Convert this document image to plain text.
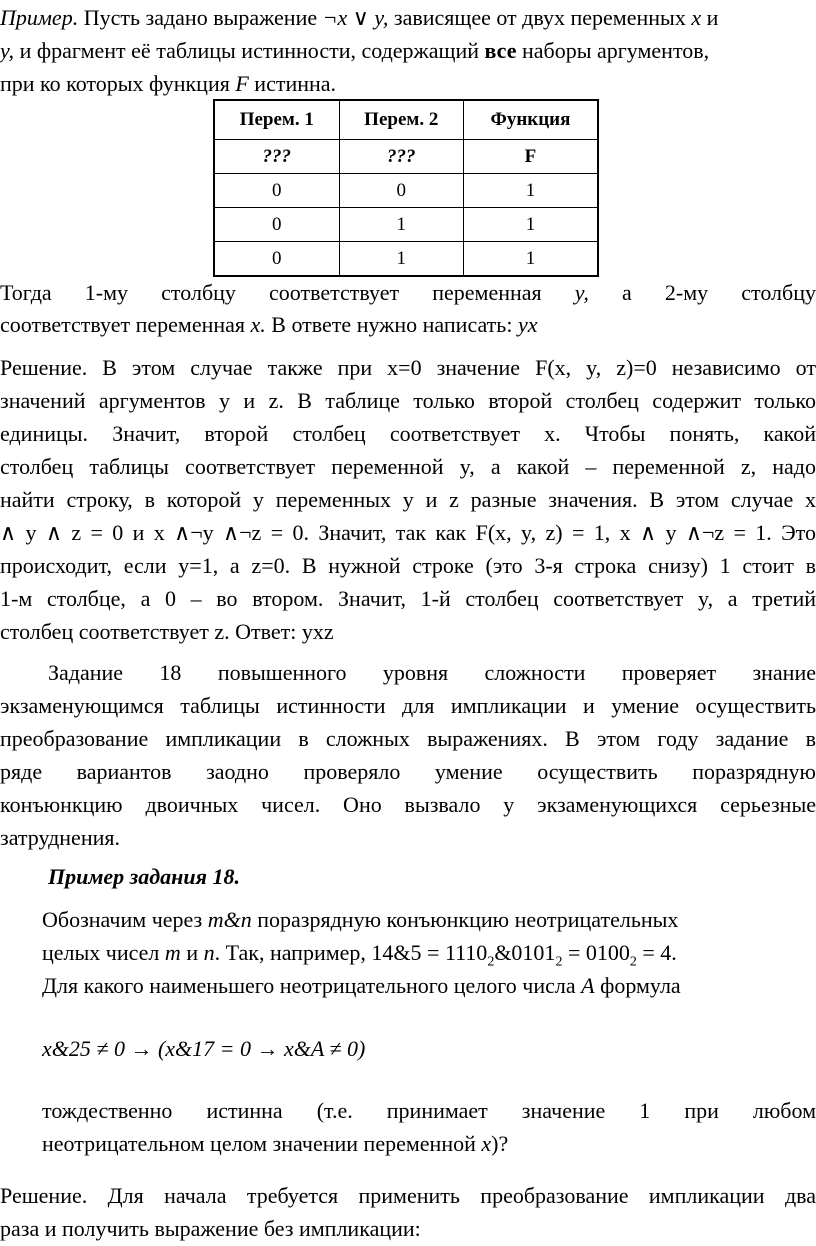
Пример. Пусть задано выражение ¬x ∨ y, зависящее от двух переменных x и
y, и фрагмент её таблицы истинности, содержащий все наборы аргументов,
при ко которых функция F истинна.
Перем. 1	Перем. 2	Функция
???	???	F
0	0	1
0	1	1
0	1	1
Тогда 1-му столбцу соответствует переменная y, а 2-му столбцу
соответствует переменная x. В ответе нужно написать: yx
Решение. В этом случае также при x=0 значение F(x, y, z)=0 независимо от
значений аргументов y и z. В таблице только второй столбец содержит только
единицы. Значит, второй столбец соответствует x. Чтобы понять, какой
столбец таблицы соответствует переменной y, а какой – переменной z, надо
найти строку, в которой у переменных y и z разные значения. В этом случае x
∧ y ∧ z = 0 и x ∧¬y ∧¬z = 0. Значит, так как F(x, y, z) = 1, x ∧ y ∧¬z = 1. Это
происходит, если y=1, а z=0. В нужной строке (это 3-я строка снизу) 1 стоит в
1-м столбце, а 0 – во втором. Значит, 1-й столбец соответствует y, а третий
столбец соответствует z. Ответ: yxz
Задание 18 повышенного уровня сложности проверяет знание
экзаменующимся таблицы истинности для импликации и умение осуществить
преобразование импликации в сложных выражениях. В этом году задание в
ряде вариантов заодно проверяло умение осуществить поразрядную
конъюнкцию двоичных чисел. Оно вызвало у экзаменующихся серьезные
затруднения.
Пример задания 18.
Обозначим через m&n поразрядную конъюнкцию неотрицательных
целых чисел m и n. Так, например, 14&5 = $1110_2\&0101_2 = 0100_2 = 4$.
Для какого наименьшего неотрицательного целого числа A формула
x&25 ≠ 0 → (x&17 = 0 → x&A ≠ 0)
тождественно истинна (т.е. принимает значение 1 при любом
неотрицательном целом значении переменной x)?
Решение. Для начала требуется применить преобразование импликации два
раза и получить выражение без импликации:
